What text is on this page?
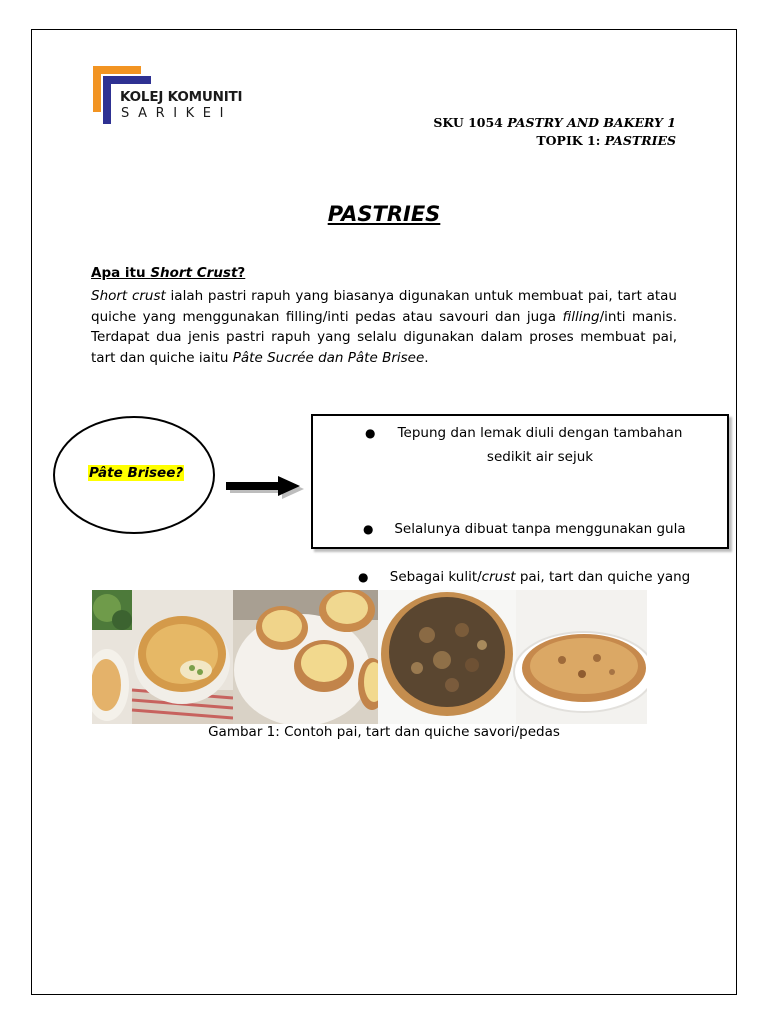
KOLEJ KOMUNITI
SARIKEI
SKU 1054 PASTRY AND BAKERY 1
TOPIK 1: PASTRIES
PASTRIES
Apa itu Short Crust?
Short crust ialah pastri rapuh yang biasanya digunakan untuk membuat pai, tart atau quiche yang menggunakan filling/inti pedas atau savouri dan juga filling/inti manis. Terdapat dua jenis pastri rapuh yang selalu digunakan dalam proses membuat pai, tart dan quiche iaitu Pâte Sucrée dan Pâte Brisee.
Pâte Brisee?
● Tepung dan lemak diuli dengan tambahan sedikit air sejuk
● Selalunya dibuat tanpa menggunakan gula
● Sebagai kulit/crust pai, tart dan quiche yang
Gambar 1: Contoh pai, tart dan quiche savori/pedas
